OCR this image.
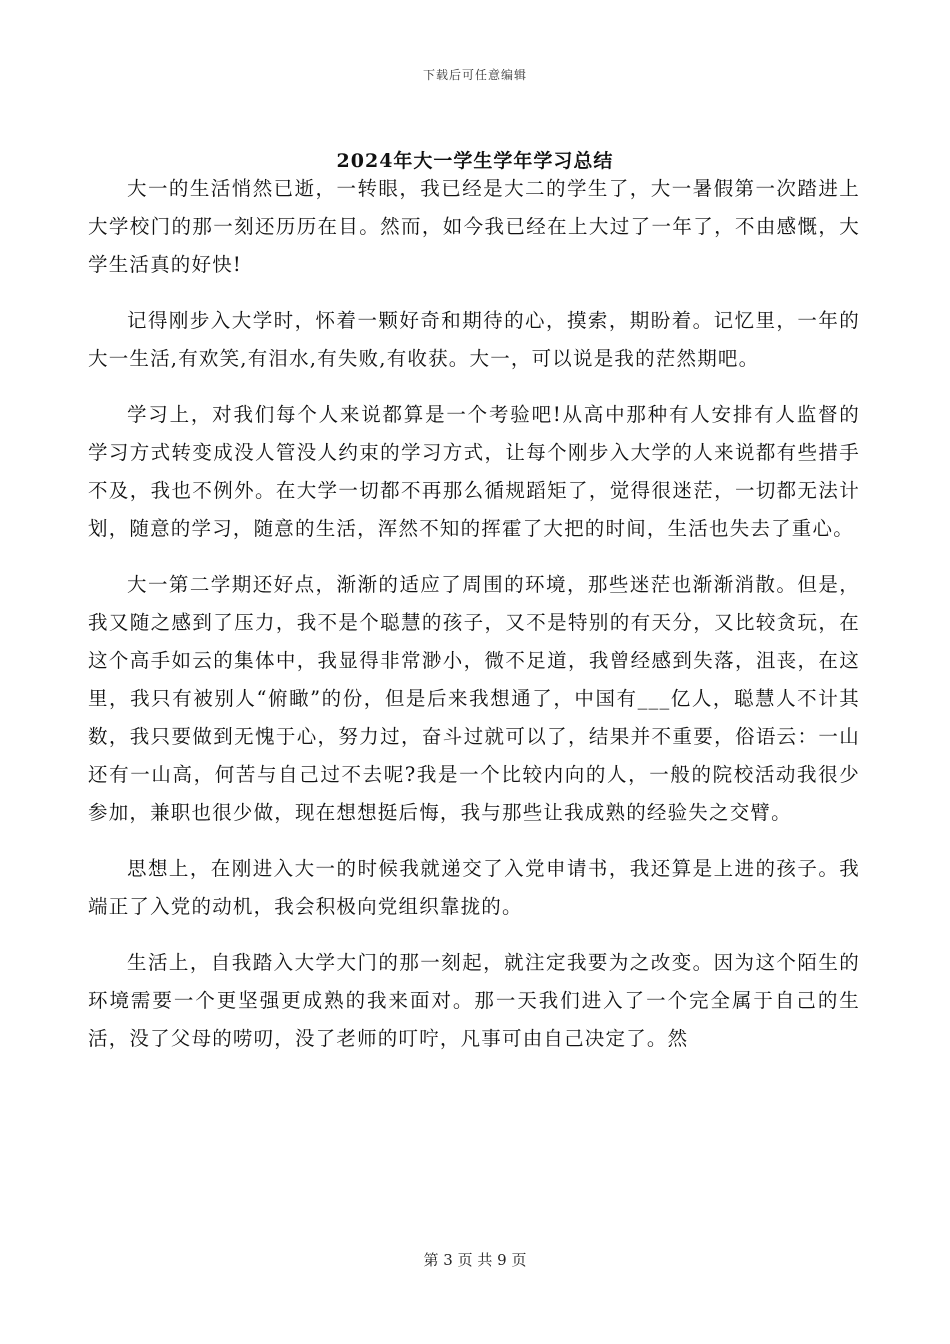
下载后可任意编辑
2024年大一学生学年学习总结

大一的生活悄然已逝，一转眼，我已经是大二的学生了，大一暑假第一次踏进上大学校门的那一刻还历历在目。然而，如今我已经在上大过了一年了，不由感慨，大学生活真的好快!

记得刚步入大学时，怀着一颗好奇和期待的心，摸索，期盼着。记忆里，一年的大一生活,有欢笑,有泪水,有失败,有收获。大一，可以说是我的茫然期吧。

学习上，对我们每个人来说都算是一个考验吧!从高中那种有人安排有人监督的学习方式转变成没人管没人约束的学习方式，让每个刚步入大学的人来说都有些措手不及，我也不例外。在大学一切都不再那么循规蹈矩了，觉得很迷茫，一切都无法计划，随意的学习，随意的生活，浑然不知的挥霍了大把的时间，生活也失去了重心。

大一第二学期还好点，渐渐的适应了周围的环境，那些迷茫也渐渐消散。但是，我又随之感到了压力，我不是个聪慧的孩子，又不是特别的有天分，又比较贪玩，在这个高手如云的集体中，我显得非常渺小，微不足道，我曾经感到失落，沮丧，在这里，我只有被别人“俯瞰”的份，但是后来我想通了，中国有___亿人，聪慧人不计其数，我只要做到无愧于心，努力过，奋斗过就可以了，结果并不重要，俗语云：一山还有一山高，何苦与自己过不去呢?我是一个比较内向的人，一般的院校活动我很少参加，兼职也很少做，现在想想挺后悔，我与那些让我成熟的经验失之交臂。

思想上，在刚进入大一的时候我就递交了入党申请书，我还算是上进的孩子。我端正了入党的动机，我会积极向党组织靠拢的。

生活上，自我踏入大学大门的那一刻起，就注定我要为之改变。因为这个陌生的环境需要一个更坚强更成熟的我来面对。那一天我们进入了一个完全属于自己的生活，没了父母的唠叨，没了老师的叮咛，凡事可由自己决定了。然

第 3 页 共 9 页
